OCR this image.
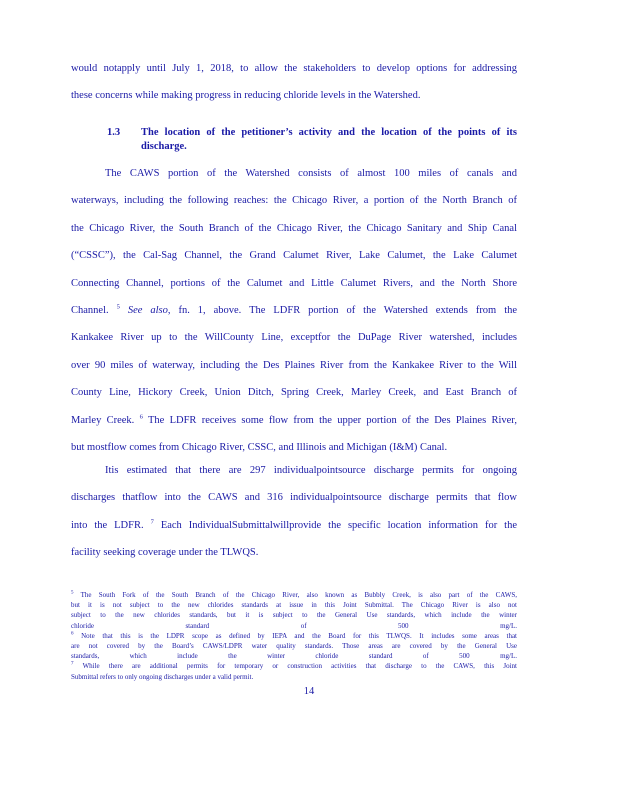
would notapply until July 1, 2018, to allow the stakeholders to develop options for addressing
these concerns while making progress in reducing chloride levels in the Watershed.
1.3 The location of the petitioner’s activity and the location of the points of its
discharge.
The CAWS portion of the Watershed consists of almost 100 miles of canals and
waterways, including the following reaches: the Chicago River, a portion of the North Branch of
the Chicago River, the South Branch of the Chicago River, the Chicago Sanitary and Ship Canal
(“CSSC”), the Cal-Sag Channel, the Grand Calumet River, Lake Calumet, the Lake Calumet
Connecting Channel, portions of the Calumet and Little Calumet Rivers, and the North Shore
Channel. $^5$ See also, fn. 1, above. The LDFR portion of the Watershed extends from the
Kankakee River up to the WillCounty Line, exceptfor the DuPage River watershed, includes
over 90 miles of waterway, including the Des Plaines River from the Kankakee River to the Will
County Line, Hickory Creek, Union Ditch, Spring Creek, Marley Creek, and East Branch of
Marley Creek. $^6$ The LDFR receives some flow from the upper portion of the Des Plaines River,
but mostflow comes from Chicago River, CSSC, and Illinois and Michigan (I&M) Canal.
Itis estimated that there are 297 individualpointsource discharge permits for ongoing
discharges thatflow into the CAWS and 316 individualpointsource discharge permits that flow
into the LDFR. $^7$ Each IndividualSubmittalwillprovide the specific location information for the
facility seeking coverage under the TLWQS.
$^5$ The South Fork of the South Branch of the Chicago River, also known as Bubbly Creek, is also part of the CAWS,
but it is not subject to the new chlorides standards at issue in this Joint Submittal. The Chicago River is also not
subject to the new chlorides standards, but it is subject to the General Use standards, which include the winter
chloride standard of 500 mg/L.
$^6$ Note that this is the LDPR scope as defined by IEPA and the Board for this TLWQS. It includes some areas that
are not covered by the Board’s CAWS/LDPR water quality standards. Those areas are covered by the General Use
standards, which include the winter chloride standard of 500 mg/L.
$^7$ While there are additional permits for temporary or construction activities that discharge to the CAWS, this Joint
Submittal refers to only ongoing discharges under a valid permit.
14
